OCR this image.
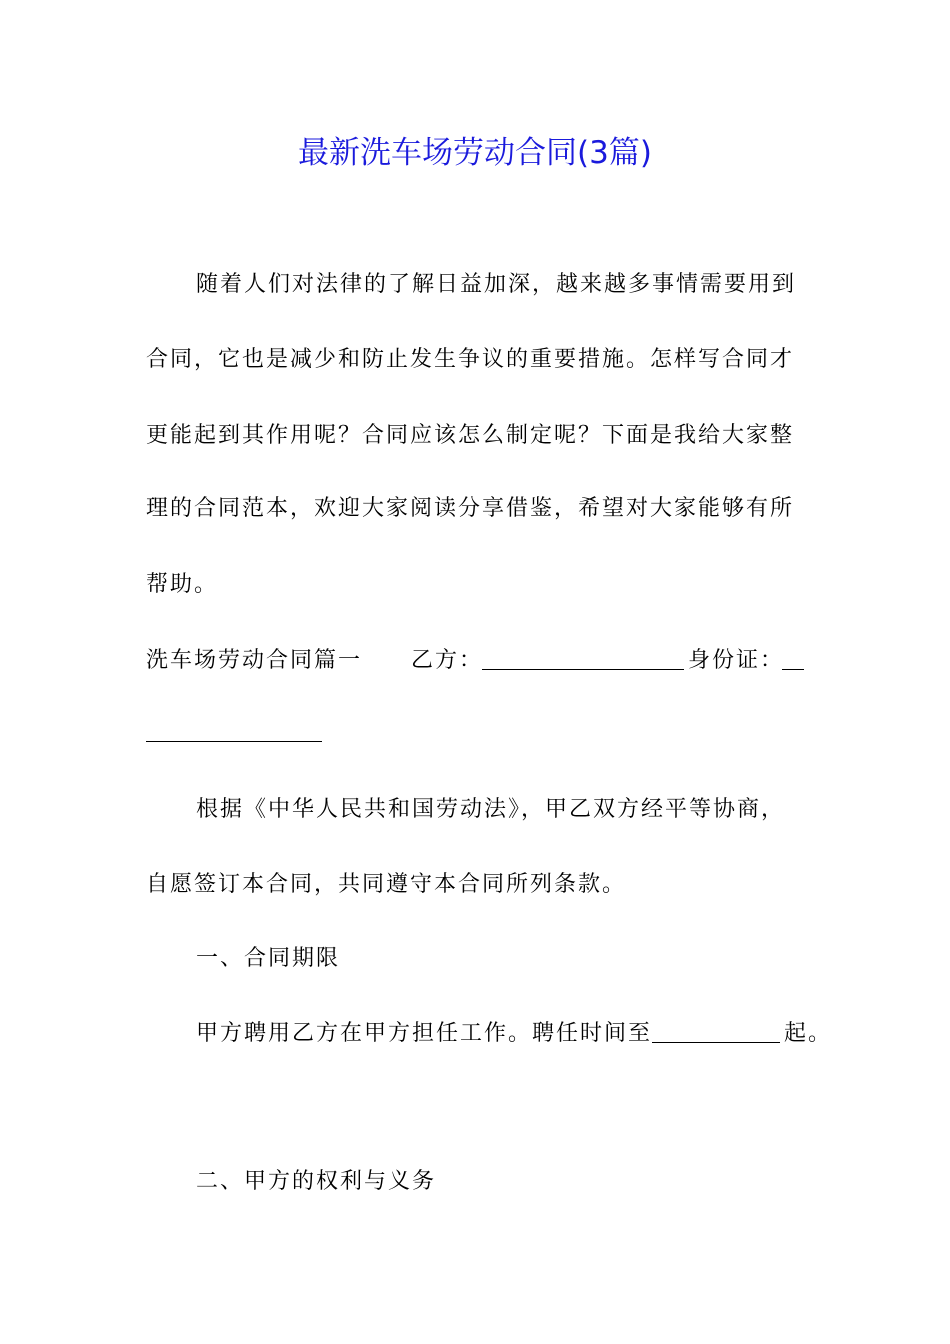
最新洗车场劳动合同(3篇)
随着人们对法律的了解日益加深，越来越多事情需要用到
合同，它也是减少和防止发生争议的重要措施。怎样写合同才
更能起到其作用呢？合同应该怎么制定呢？下面是我给大家整
理的合同范本，欢迎大家阅读分享借鉴，希望对大家能够有所
帮助。
洗车场劳动合同篇一 乙方：	身份证：
根据《中华人民共和国劳动法》，甲乙双方经平等协商，
自愿签订本合同，共同遵守本合同所列条款。
一、合同期限
甲方聘用乙方在甲方担任工作。聘任时间至	起。
二、甲方的权利与义务
